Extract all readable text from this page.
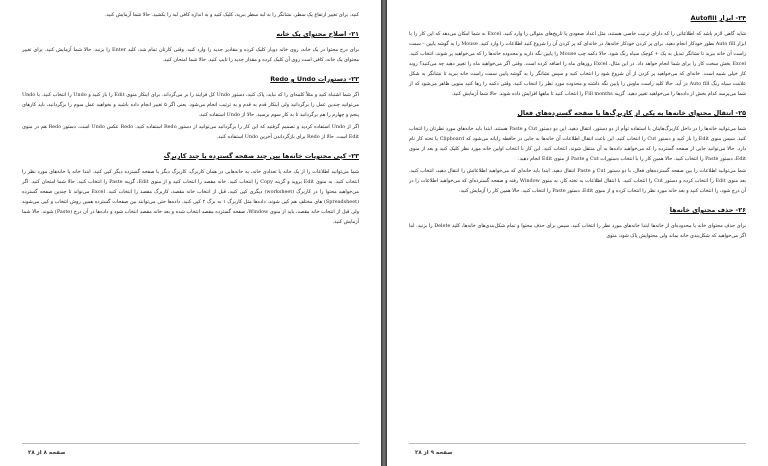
کنید. برای تغییر ارتفاع یک سطر، نشانگر را به لبه سطر ببرید، کلیک کنید و به اندازه کافی لبه را بکشید. حالا شما آزمایش کنید.

۲۱- اصلاح محتوای یک خانه

برای درج محتوا در یک خانه، روی خانه دوبار کلیک کرده و مقادیر جدید را وارد کنید. وقتی کارتان تمام شد، کلید Enter را بزنید. حالا شما آزمایش کنید. برای تغییر محتوای یک خانه، کافی است روی آن کلیک کرده و مقدار جدید را تایپ کنید. حالا شما امتحان کنید.

۲۲- دستورات Undo و Redo

اگر شما اشتباه کنید و مثلاً کلمه‌ای را که نباید، پاک کنید، دستور Undo کل فرایند را بر می‌گرداند. برای اینکار منوی Edit را باز کنید و Undo را انتخاب کنید. با Undo می‌توانید چندین عمل را برگردانید ولی اینکار قدم به قدم و به ترتیب انجام می‌شود. یعنی اگر ۵ تغییر انجام داده باشید و بخواهید عمل سوم را برگردانید، باید کارهای پنجم و چهارم را هم برگردانید تا به کار سوم برسید. حالا از Undo استفاده کنید.

اگر از Undo استفاده کردید و تصمیم گرفتید که این کار را برگردانید می‌توانید از دستور Redo استفاده کنید. Redo عکس Undo است. دستور Redo هم در منوی Edit است. حالا از Redo برای بازگرداندن آخرین Undo استفاده کنید.

۲۳- کپی محتویات خانه‌ها بین چند صفحه گسترده یا چند کاربرگ

شما می‌توانید اطلاعات را از یک خانه یا تعدادی خانه، به خانه‌هایی در همان کاربرگ، کاربرگ دیگر یا صفحه گسترده دیگر کپی کنید. ابتدا خانه یا خانه‌های مورد نظر را انتخاب کنید. به منوی Edit بروید و گزینه Copy را انتخاب کنید. خانه مقصد را انتخاب کنید و از منوی Edit، گزینه Paste را انتخاب کنید. حالا شما امتحان کنید. اگر می‌خواهید محتوا را در کاربرگ (worksheet) دیگری کپی کنید، قبل از انتخاب خانه مقصد، کاربرگ مقصد را انتخاب کنید. Excel می‌تواند تا چندین صفحه گسترده (Spreadsheet) های مختلف هم کپی شوند. داده‌ها مثل کاربرگ ۱ به برگ ۲ کپی کنید. داده‌ها حتی می‌توانند بین صفحات گسترده همین روش انتخاب و کپی می‌شوند ولی قبل از انتخاب خانه مقصد، باید از منوی Window، صفحه گسترده مقصد انتخاب شده و بعد خانه مقصد انتخاب شود و داده‌ها در آن درج (Paste) شوند. حالا شما آزمایش کنید.

صفحه ۸ از ۲۸
۲۴- ابزار Autofill

شاید گاهی لازم باشد که اطلاعاتی را که دارای ترتیب خاصی هستند، مثل اعداد صعودی یا تاریخ‌های متوالی را وارد کنید. Excel به شما امکان می‌دهد که این کار را با ابزار Auto fill بطور خودکار انجام دهید. برای پر کردن خودکار خانه‌ها، در خانه‌ای که پر کردن آن را شروع کنید اطلاعات را وارد کنید. Mouse را به گوشه پایین – سمت راست آن خانه ببرید تا نشانگر تبدیل به یک + کوچک سیاه رنگ شود. حالا دکمه چپ Mouse را پایین نگه دارید و محدوده خانه‌ها را که می‌خواهید پر شوند، انتخاب کنید. Excel بخش سخت کار را برای شما انجام خواهد داد. در این مثال، Excel روزهای ماه را اضافه کرده است. وقتی اگر می‌خواهید ماه را تغییر دهید چه می‌کنید؟ روند کار خیلی شبیه است. خانه‌ای که می‌خواهید پر کردن از آن شروع شود را انتخاب کنید و سپس نشانگر را به گوشه پایین سمت راست خانه ببرید تا نشانگر به شکل علامت سیاه رنگ Auto fill در آید. حالا کلید راست ماوس را پایین نگه داشته و محدوده مورد نظر را انتخاب کنید. وقتی دکمه را رها کنید منویی ظاهر می‌شود که از شما می‌پرسد کدام بخش از داده‌ها را می‌خواهید تغییر دهید. گزینه Fill months را انتخاب کنید تا ماهها افزایش داده شوند. حالا شما آزمایش کنید.

۲۵- انتقال محتوای خانه‌ها به یکی از کاربرگ‌ها یا صفحه گسترده‌های فعال

شما می‌توانید خانه‌ها را در داخل کاربرگ‌هایتان با استفاده توأم از دو دستور، انتقال دهید. این دو دستور Cut و Paste هستند. ابتدا باید خانه‌های مورد نظرتان را انتخاب کنید. سپس منوی Edit را باز کنید و دستور Cut را انتخاب کنید. این باعث انتقال اطلاعات آن خانه‌ها به جایی در حافظه رایانه می‌شود که Clipboard یا تخته کار نام دارد. حالا می‌توانید جایی از صفحه گسترده را که می‌خواهید داده‌ها به آن منتقل شوند، انتخاب کنید. این کار با انتخاب اولین خانه مورد نظر کلیک کنید و بعد از منوی Edit، دستور Paste را انتخاب کنید. حالا همین کار را با انتخاب دستورات Cut و Paste از منوی Edit انجام دهید.

شما می‌توانید اطلاعات را بین صفحه گسترده‌های فعال، با دو دستور Cut و Paste انتقال دهید. ابتدا باید خانه‌ای که می‌خواهید اطلاعاتش را انتقال دهید، انتخاب کنید. بعد منوی Edit را انتخاب کرده و دستور Cut را انتخاب کنید. با انتقال اطلاعات به تخته کار، به منوی Window رفته و صفحه گسترده‌ای که می‌خواهید اطلاعات را در آن درج شود، را انتخاب کنید و بعد خانه مورد نظر را انتخاب کرده و از منوی Edit، دستور Paste را انتخاب کنید. حالا همین کار را آزمایش کنید.

۲۶- حذف محتوای خانه‌ها

برای حذف محتوای خانه یا محدوده‌ای از خانه‌ها ابتدا خانه‌های مورد نظر را انتخاب کنید. سپس برای حذف محتوا و تمام شکل‌بندی‌های خانه‌ها، کلید Delete را بزنید. اما اگر می‌خواهید که شکل‌بندی خانه بماند ولی محتوایش پاک شود، منوی

صفحه ۹ از ۲۸
